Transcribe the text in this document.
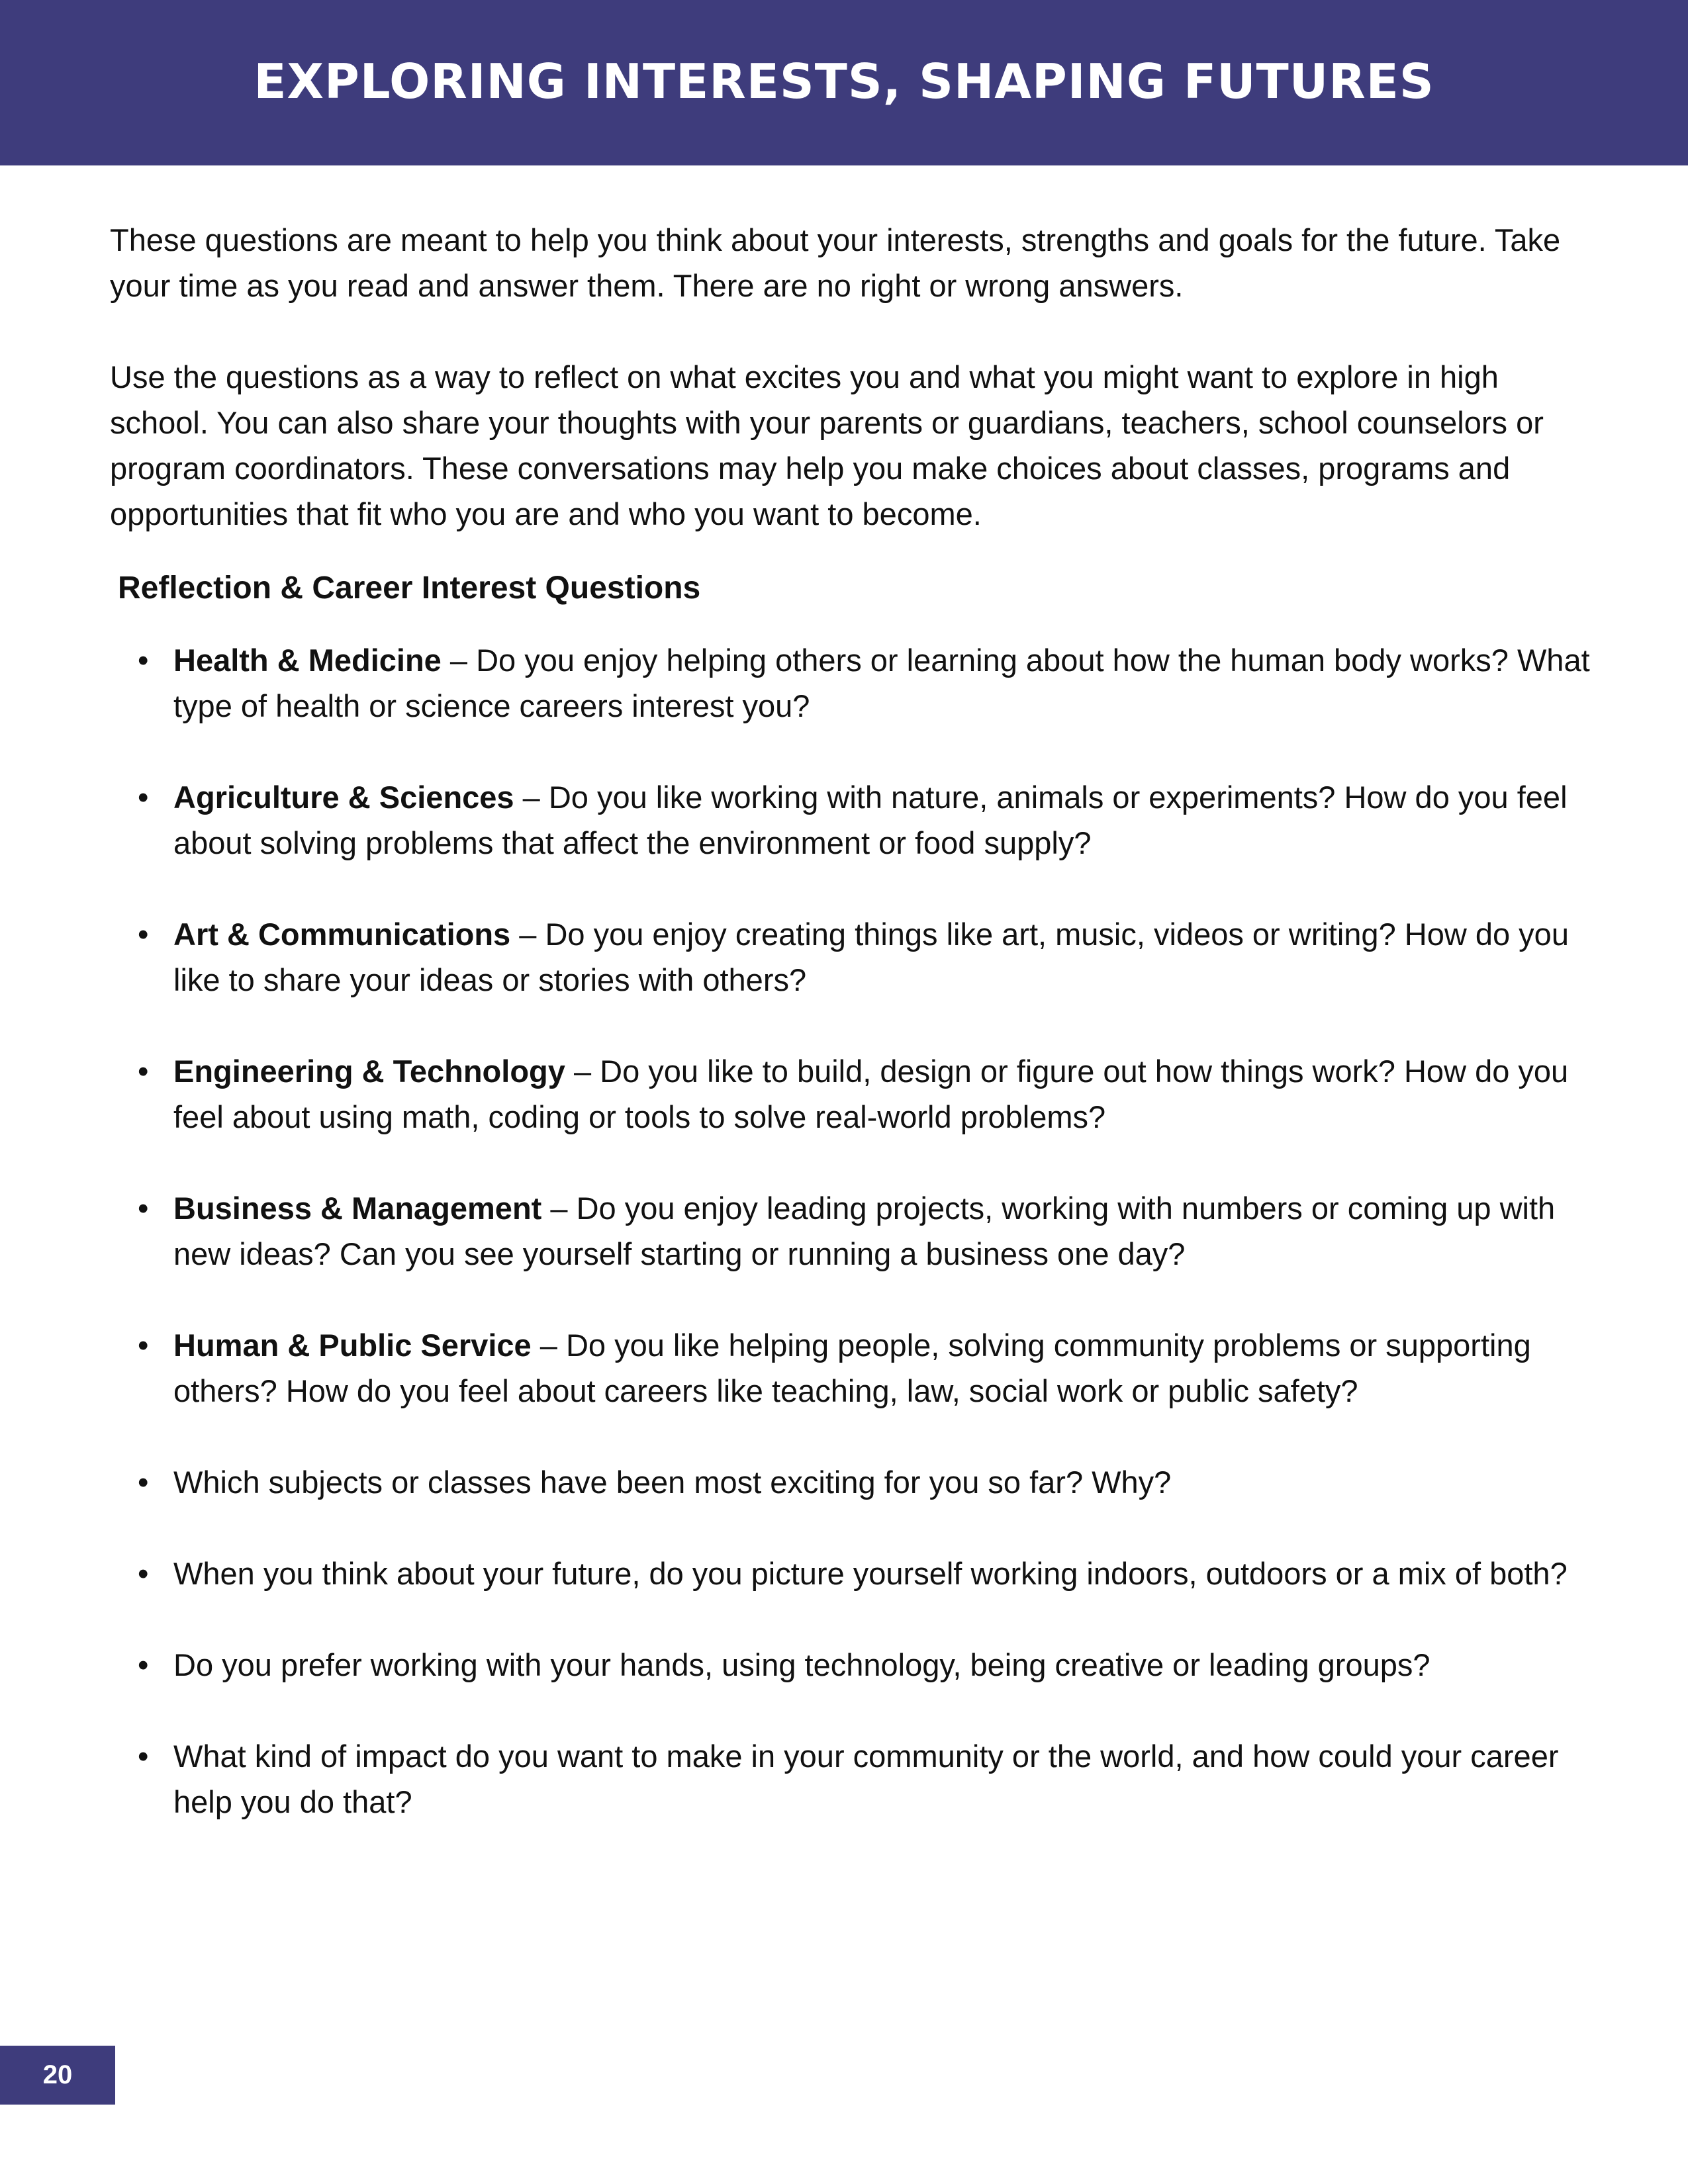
EXPLORING INTERESTS, SHAPING FUTURES

These questions are meant to help you think about your interests, strengths and goals for the future. Take your time as you read and answer them. There are no right or wrong answers.

Use the questions as a way to reflect on what excites you and what you might want to explore in high school. You can also share your thoughts with your parents or guardians, teachers, school counselors or program coordinators. These conversations may help you make choices about classes, programs and opportunities that fit who you are and who you want to become.

Reflection & Career Interest Questions
• Health & Medicine – Do you enjoy helping others or learning about how the human body works? What type of health or science careers interest you?
• Agriculture & Sciences – Do you like working with nature, animals or experiments? How do you feel about solving problems that affect the environment or food supply?
• Art & Communications – Do you enjoy creating things like art, music, videos or writing? How do you like to share your ideas or stories with others?
• Engineering & Technology – Do you like to build, design or figure out how things work? How do you feel about using math, coding or tools to solve real-world problems?
• Business & Management – Do you enjoy leading projects, working with numbers or coming up with new ideas? Can you see yourself starting or running a business one day?
• Human & Public Service – Do you like helping people, solving community problems or supporting others? How do you feel about careers like teaching, law, social work or public safety?
• Which subjects or classes have been most exciting for you so far? Why?
• When you think about your future, do you picture yourself working indoors, outdoors or a mix of both?
• Do you prefer working with your hands, using technology, being creative or leading groups?
• What kind of impact do you want to make in your community or the world, and how could your career help you do that?
20
